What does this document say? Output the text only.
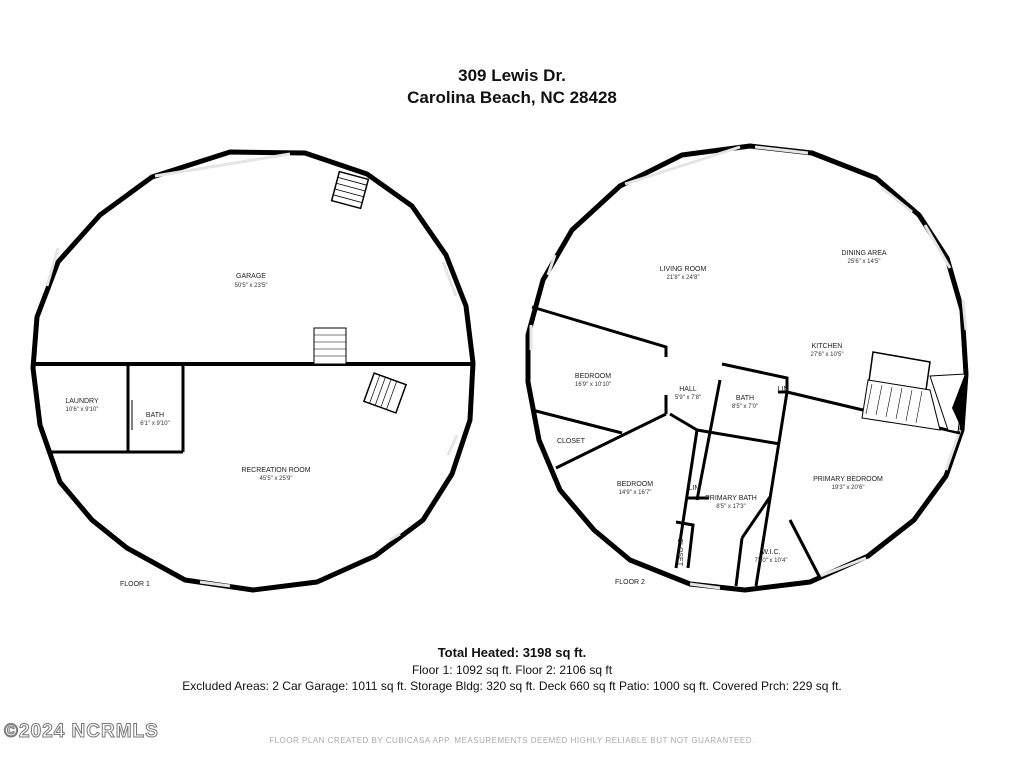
309 Lewis Dr.
Carolina Beach, NC 28428
GARAGE
50'5" x 23'5"
LAUNDRY
10'6" x 9'10"
BATH
6'1" x 9'10"
RECREATION ROOM
45'5" x 25'9"
FLOOR 1
LIVING ROOM
21'8" x 24'8"
DINING AREA
25'6" x 14'5"
KITCHEN
27'6" x 10'5"
BEDROOM
16'9" x 10'10"
HALL
5'9" x 7'8"	BATH
8'5" x 7'0"
LIN
CLOSET
BEDROOM
14'9" x 16'7"
LIN
PRIMARY BATH
8'5" x 17'3"
PRIMARY BEDROOM
19'3" x 20'6"
CLOSET	W.I.C.
7'10" x 10'4"
FLOOR 2
Total Heated: 3198 sq ft.
Floor 1: 1092 sq ft. Floor 2: 2106 sq ft
Excluded Areas: 2 Car Garage: 1011 sq ft. Storage Bldg: 320 sq ft. Deck 660 sq ft Patio: 1000 sq ft. Covered Prch: 229 sq ft.
©2024 NCRMLS	FLOOR PLAN CREATED BY CUBICASA APP. MEASUREMENTS DEEMED HIGHLY RELIABLE BUT NOT GUARANTEED.
